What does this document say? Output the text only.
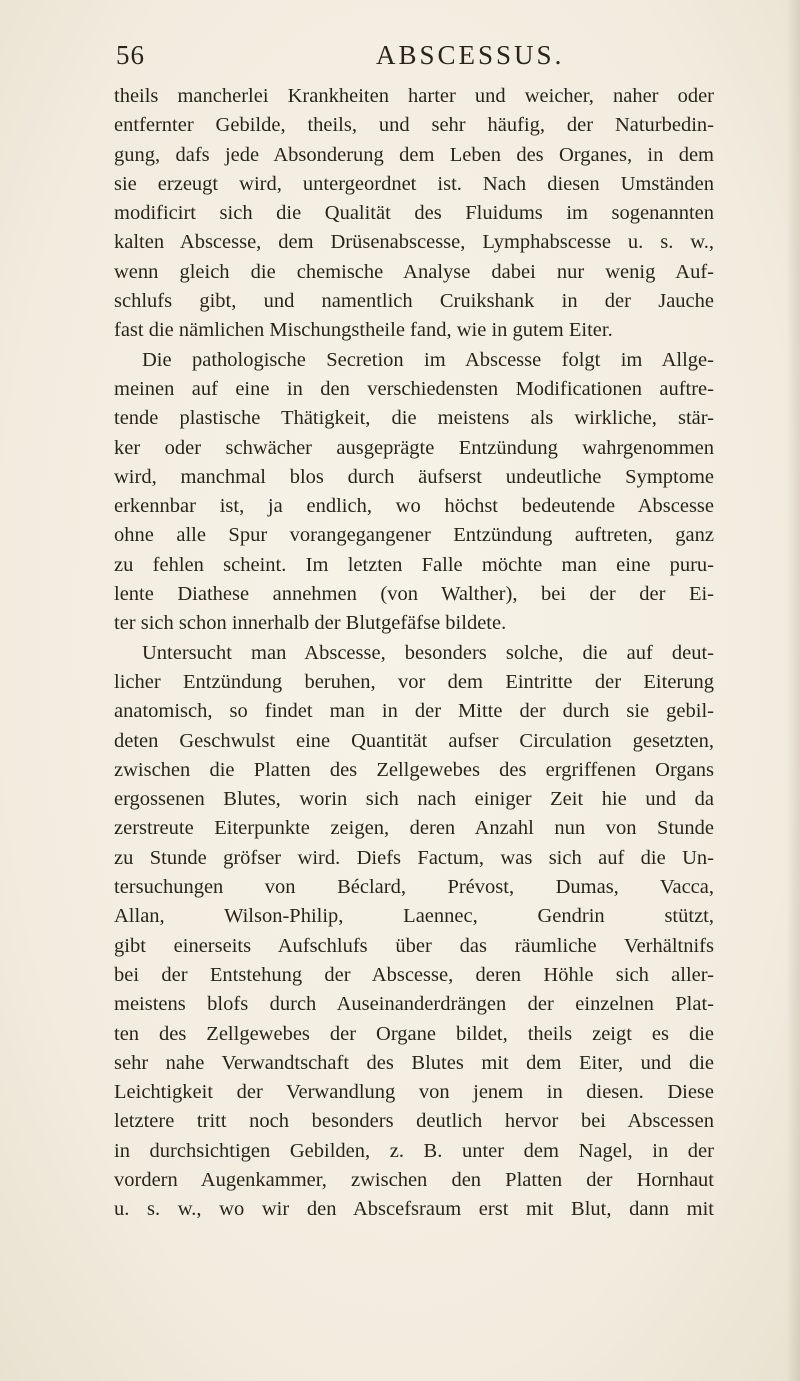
56	ABSCESSUS.
theils mancherlei Krankheiten harter und weicher, naher oder
entfernter Gebilde, theils, und sehr häufig, der Naturbedin-
gung, dafs jede Absonderung dem Leben des Organes, in dem
sie erzeugt wird, untergeordnet ist. Nach diesen Umständen
modificirt sich die Qualität des Fluidums im sogenannten
kalten Abscesse, dem Drüsenabscesse, Lymphabscesse u. s. w.,
wenn gleich die chemische Analyse dabei nur wenig Auf-
schlufs gibt, und namentlich Cruikshank in der Jauche
fast die nämlichen Mischungstheile fand, wie in gutem Eiter.
Die pathologische Secretion im Abscesse folgt im Allge-
meinen auf eine in den verschiedensten Modificationen auftre-
tende plastische Thätigkeit, die meistens als wirkliche, stär-
ker oder schwächer ausgeprägte Entzündung wahrgenommen
wird, manchmal blos durch äufserst undeutliche Symptome
erkennbar ist, ja endlich, wo höchst bedeutende Abscesse
ohne alle Spur vorangegangener Entzündung auftreten, ganz
zu fehlen scheint. Im letzten Falle möchte man eine puru-
lente Diathese annehmen (von Walther), bei der der Ei-
ter sich schon innerhalb der Blutgefäfse bildete.
Untersucht man Abscesse, besonders solche, die auf deut-
licher Entzündung beruhen, vor dem Eintritte der Eiterung
anatomisch, so findet man in der Mitte der durch sie gebil-
deten Geschwulst eine Quantität aufser Circulation gesetzten,
zwischen die Platten des Zellgewebes des ergriffenen Organs
ergossenen Blutes, worin sich nach einiger Zeit hie und da
zerstreute Eiterpunkte zeigen, deren Anzahl nun von Stunde
zu Stunde gröfser wird. Diefs Factum, was sich auf die Un-
tersuchungen von Béclard, Prévost, Dumas, Vacca,
Allan, Wilson-Philip, Laennec, Gendrin stützt,
gibt einerseits Aufschlufs über das räumliche Verhältnifs
bei der Entstehung der Abscesse, deren Höhle sich aller-
meistens blofs durch Auseinanderdrängen der einzelnen Plat-
ten des Zellgewebes der Organe bildet, theils zeigt es die
sehr nahe Verwandtschaft des Blutes mit dem Eiter, und die
Leichtigkeit der Verwandlung von jenem in diesen. Diese
letztere tritt noch besonders deutlich hervor bei Abscessen
in durchsichtigen Gebilden, z. B. unter dem Nagel, in der
vordern Augenkammer, zwischen den Platten der Hornhaut
u. s. w., wo wir den Abscefsraum erst mit Blut, dann mit
